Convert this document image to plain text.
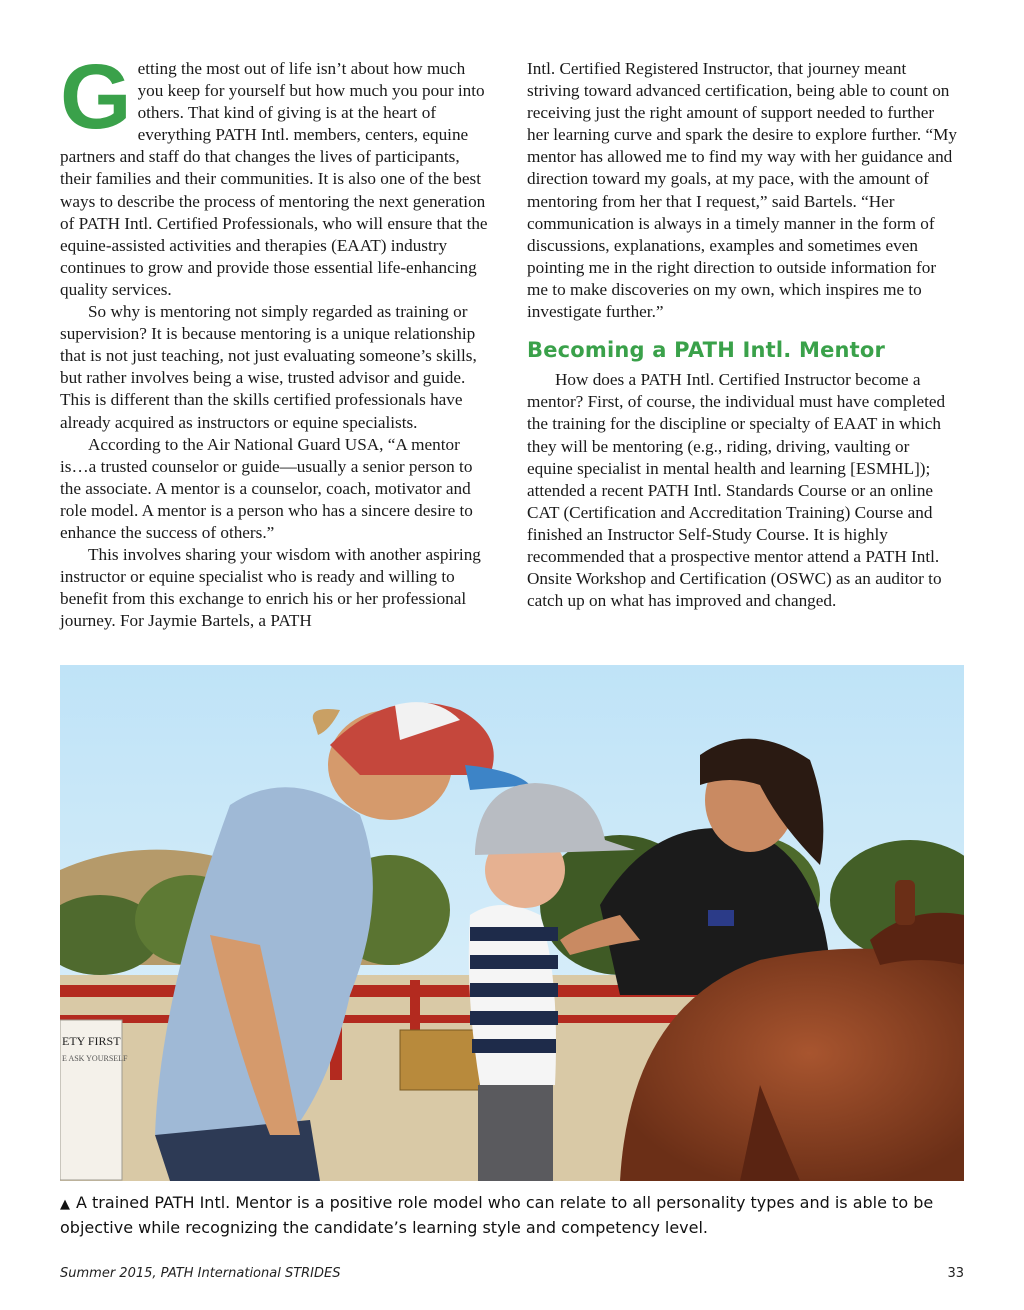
Getting the most out of life isn’t about how much you keep for yourself but how much you pour into others. That kind of giving is at the heart of everything PATH Intl. members, centers, equine partners and staff do that changes the lives of participants, their families and their communities. It is also one of the best ways to describe the process of mentoring the next generation of PATH Intl. Certified Professionals, who will ensure that the equine-assisted activities and therapies (EAAT) industry continues to grow and provide those essential life-enhancing quality services.

So why is mentoring not simply regarded as training or supervision? It is because mentoring is a unique relationship that is not just teaching, not just evaluating someone’s skills, but rather involves being a wise, trusted advisor and guide. This is different than the skills certified professionals have already acquired as instructors or equine specialists.

According to the Air National Guard USA, “A mentor is…a trusted counselor or guide—usually a senior person to the associate. A mentor is a counselor, coach, motivator and role model. A mentor is a person who has a sincere desire to enhance the success of others.”

This involves sharing your wisdom with another aspiring instructor or equine specialist who is ready and willing to benefit from this exchange to enrich his or her professional journey. For Jaymie Bartels, a PATH

Intl. Certified Registered Instructor, that journey meant striving toward advanced certification, being able to count on receiving just the right amount of support needed to further her learning curve and spark the desire to explore further. “My mentor has allowed me to find my way with her guidance and direction toward my goals, at my pace, with the amount of mentoring from her that I request,” said Bartels. “Her communication is always in a timely manner in the form of discussions, explanations, examples and sometimes even pointing me in the right direction to outside information for me to make discoveries on my own, which inspires me to investigate further.”

Becoming a PATH Intl. Mentor

How does a PATH Intl. Certified Instructor become a mentor? First, of course, the individual must have completed the training for the discipline or specialty of EAAT in which they will be mentoring (e.g., riding, driving, vaulting or equine specialist in mental health and learning [ESMHL]); attended a recent PATH Intl. Standards Course or an online CAT (Certification and Accreditation Training) Course and finished an Instructor Self-Study Course. It is highly recommended that a prospective mentor attend a PATH Intl. Onsite Workshop and Certification (OSWC) as an auditor to catch up on what has improved and changed.

ETY FIRST
E ASK YOURSELF
▲ A trained PATH Intl. Mentor is a positive role model who can relate to all personality types and is able to be objective while recognizing the candidate’s learning style and competency level.
Summer 2015, PATH International STRIDES	33
